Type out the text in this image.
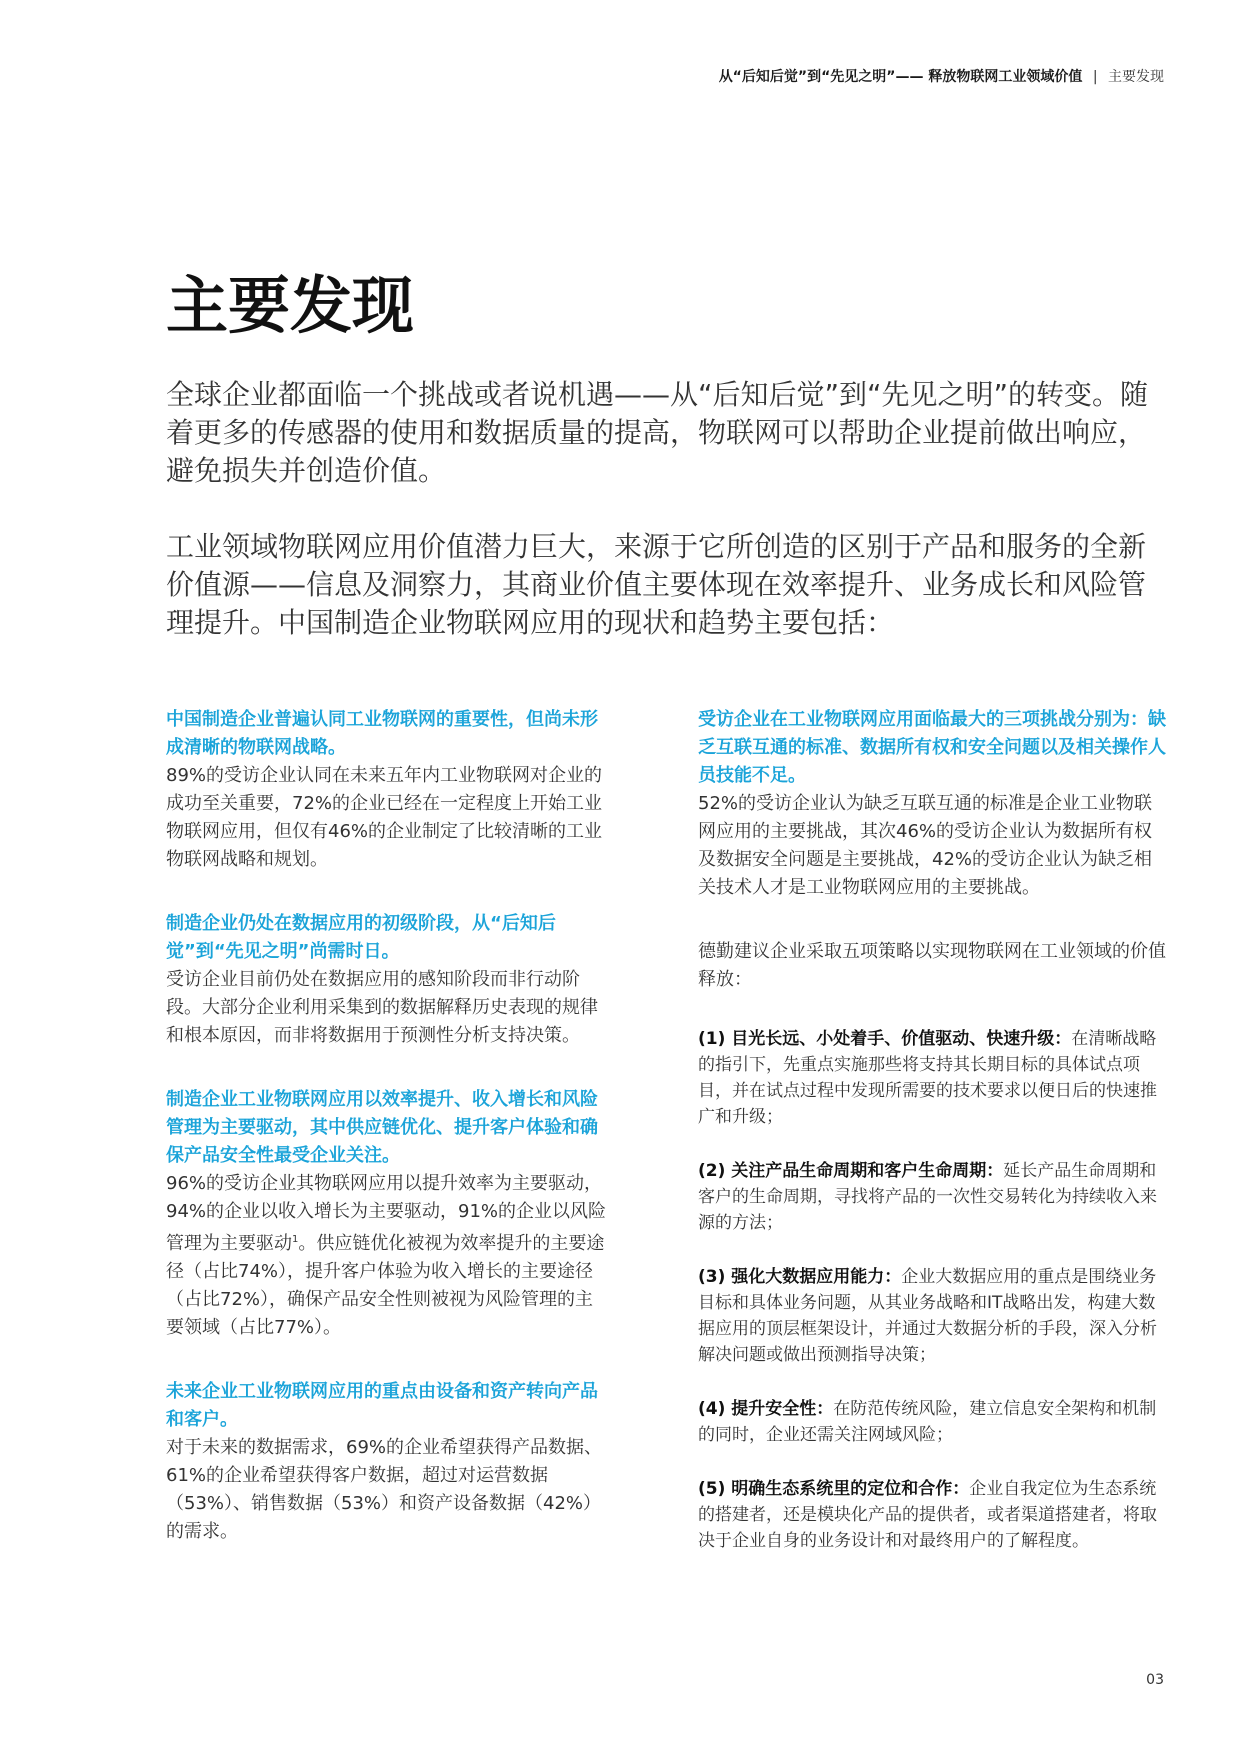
从“后知后觉”到“先见之明”—— 释放物联网工业领域价值 | 主要发现
主要发现

全球企业都面临一个挑战或者说机遇——从“后知后觉”到“先见之明”的转变。随着更多的传感器的使用和数据质量的提高，物联网可以帮助企业提前做出响应，避免损失并创造价值。

工业领域物联网应用价值潜力巨大，来源于它所创造的区别于产品和服务的全新价值源——信息及洞察力，其商业价值主要体现在效率提升、业务成长和风险管理提升。中国制造企业物联网应用的现状和趋势主要包括：

中国制造企业普遍认同工业物联网的重要性，但尚未形成清晰的物联网战略。

89%的受访企业认同在未来五年内工业物联网对企业的成功至关重要，72%的企业已经在一定程度上开始工业物联网应用，但仅有46%的企业制定了比较清晰的工业物联网战略和规划。

制造企业仍处在数据应用的初级阶段，从“后知后觉”到“先见之明”尚需时日。

受访企业目前仍处在数据应用的感知阶段而非行动阶段。大部分企业利用采集到的数据解释历史表现的规律和根本原因，而非将数据用于预测性分析支持决策。

制造企业工业物联网应用以效率提升、收入增长和风险管理为主要驱动，其中供应链优化、提升客户体验和确保产品安全性最受企业关注。

96%的受访企业其物联网应用以提升效率为主要驱动，94%的企业以收入增长为主要驱动，91%的企业以风险管理为主要驱动$^1$。供应链优化被视为效率提升的主要途径（占比74%），提升客户体验为收入增长的主要途径（占比72%），确保产品安全性则被视为风险管理的主要领域（占比77%）。

未来企业工业物联网应用的重点由设备和资产转向产品和客户。

对于未来的数据需求，69%的企业希望获得产品数据、61%的企业希望获得客户数据，超过对运营数据（53%）、销售数据（53%）和资产设备数据（42%）的需求。

受访企业在工业物联网应用面临最大的三项挑战分别为：缺乏互联互通的标准、数据所有权和安全问题以及相关操作人员技能不足。

52%的受访企业认为缺乏互联互通的标准是企业工业物联网应用的主要挑战，其次46%的受访企业认为数据所有权及数据安全问题是主要挑战，42%的受访企业认为缺乏相关技术人才是工业物联网应用的主要挑战。

德勤建议企业采取五项策略以实现物联网在工业领域的价值释放：

(1) 目光长远、小处着手、价值驱动、快速升级：在清晰战略的指引下，先重点实施那些将支持其长期目标的具体试点项目，并在试点过程中发现所需要的技术要求以便日后的快速推广和升级；

(2) 关注产品生命周期和客户生命周期：延长产品生命周期和客户的生命周期，寻找将产品的一次性交易转化为持续收入来源的方法；

(3) 强化大数据应用能力：企业大数据应用的重点是围绕业务目标和具体业务问题，从其业务战略和IT战略出发，构建大数据应用的顶层框架设计，并通过大数据分析的手段，深入分析解决问题或做出预测指导决策；

(4) 提升安全性：在防范传统风险，建立信息安全架构和机制的同时，企业还需关注网域风险；

(5) 明确生态系统里的定位和合作：企业自我定位为生态系统的搭建者，还是模块化产品的提供者，或者渠道搭建者，将取决于企业自身的业务设计和对最终用户的了解程度。

03
